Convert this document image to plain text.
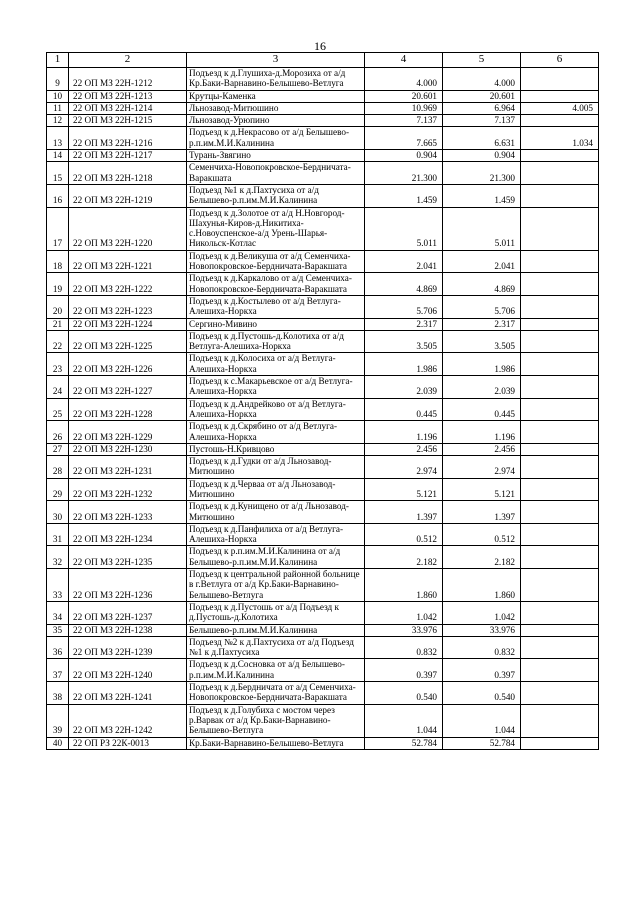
16
1	2	3	4	5	6
9	22 ОП МЗ 22Н-1212	Подъезд к д.Глушиха-д.Морозиха от а/д Кр.Баки-Варнавино-Белышево-Ветлуга	4.000	4.000	
10	22 ОП МЗ 22Н-1213	Крутцы-Каменка	20.601	20.601	
11	22 ОП МЗ 22Н-1214	Льнозавод-Митюшино	10.969	6.964	4.005
12	22 ОП МЗ 22Н-1215	Льнозавод-Урюпино	7.137	7.137	
13	22 ОП МЗ 22Н-1216	Подъезд к д.Некрасово от а/д Белышево-р.п.им.М.И.Калинина	7.665	6.631	1.034
14	22 ОП МЗ 22Н-1217	Турань-Звягино	0.904	0.904	
15	22 ОП МЗ 22Н-1218	Семенчиха-Новопокровское-Бердничата-Варакшата	21.300	21.300	
16	22 ОП МЗ 22Н-1219	Подъезд №1 к д.Пахтусиха от а/д Белышево-р.п.им.М.И.Калинина	1.459	1.459	
17	22 ОП МЗ 22Н-1220	Подъезд к д.Золотое от а/д Н.Новгород-Шахунья-Киров-д.Никитиха-с.Новоуспенское-а/д Урень-Шарья-Никольск-Котлас	5.011	5.011	
18	22 ОП МЗ 22Н-1221	Подъезд к д.Великуша от а/д Семенчиха-Новопокровское-Бердничата-Варакшата	2.041	2.041	
19	22 ОП МЗ 22Н-1222	Подъезд к д.Каркалово от а/д Семенчиха-Новопокровское-Бердничата-Варакшата	4.869	4.869	
20	22 ОП МЗ 22Н-1223	Подъезд к д.Костылево от а/д Ветлуга-Алешиха-Норкха	5.706	5.706	
21	22 ОП МЗ 22Н-1224	Сергино-Мивино	2.317	2.317	
22	22 ОП МЗ 22Н-1225	Подъезд к д.Пустошь-д.Колотиха от а/д Ветлуга-Алешиха-Норкха	3.505	3.505	
23	22 ОП МЗ 22Н-1226	Подъезд к д.Колосиха от а/д Ветлуга-Алешиха-Норкха	1.986	1.986	
24	22 ОП МЗ 22Н-1227	Подъезд к с.Макарьевское от а/д Ветлуга-Алешиха-Норкха	2.039	2.039	
25	22 ОП МЗ 22Н-1228	Подъезд к д.Андрейково от а/д Ветлуга-Алешиха-Норкха	0.445	0.445	
26	22 ОП МЗ 22Н-1229	Подъезд к д.Скрябино от а/д Ветлуга-Алешиха-Норкха	1.196	1.196	
27	22 ОП МЗ 22Н-1230	Пустошь-Н.Кривцово	2.456	2.456	
28	22 ОП МЗ 22Н-1231	Подъезд к д.Гудки от а/д Льнозавод-Митюшино	2.974	2.974	
29	22 ОП МЗ 22Н-1232	Подъезд к д.Черваа от а/д Льнозавод-Митюшино	5.121	5.121	
30	22 ОП МЗ 22Н-1233	Подъезд к д.Кунищено от а/д Льнозавод-Митюшино	1.397	1.397	
31	22 ОП МЗ 22Н-1234	Подъезд к д.Панфилиха от а/д Ветлуга-Алешиха-Норкха	0.512	0.512	
32	22 ОП МЗ 22Н-1235	Подъезд к р.п.им.М.И.Калинина от а/д Белышево-р.п.им.М.И.Калинина	2.182	2.182	
33	22 ОП МЗ 22Н-1236	Подъезд к центральной районной больнице в г.Ветлуга от а/д Кр.Баки-Варнавино-Белышево-Ветлуга	1.860	1.860	
34	22 ОП МЗ 22Н-1237	Подъезд к д.Пустошь от а/д Подъезд к д.Пустошь-д.Колотиха	1.042	1.042	
35	22 ОП МЗ 22Н-1238	Белышево-р.п.им.М.И.Калинина	33.976	33.976	
36	22 ОП МЗ 22Н-1239	Подъезд №2 к д.Пахтусиха от а/д Подъезд №1 к д.Пахтусиха	0.832	0.832	
37	22 ОП МЗ 22Н-1240	Подъезд к д.Сосновка от а/д Белышево-р.п.им.М.И.Калинина	0.397	0.397	
38	22 ОП МЗ 22Н-1241	Подъезд к д.Бердничата от а/д Семенчиха-Новопокровское-Бердничата-Варакшата	0.540	0.540	
39	22 ОП МЗ 22Н-1242	Подъезд к д.Голубиха с мостом через р.Варвак от а/д Кр.Баки-Варнавино-Белышево-Ветлуга	1.044	1.044	
40	22 ОП РЗ 22К-0013	Кр.Баки-Варнавино-Белышево-Ветлуга	52.784	52.784	
